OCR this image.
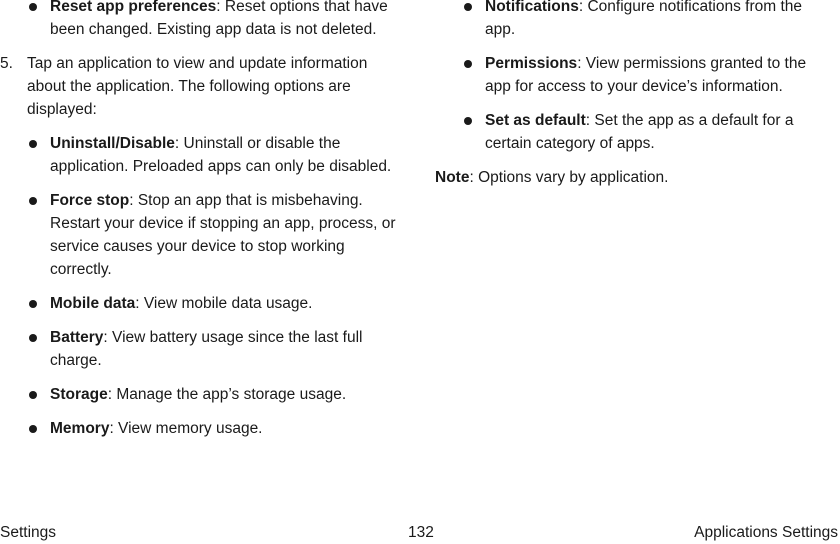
Reset app preferences: Reset options that have been changed. Existing app data is not deleted.

5. Tap an application to view and update information about the application. The following options are displayed:

Uninstall/Disable: Uninstall or disable the application. Preloaded apps can only be disabled.
Force stop: Stop an app that is misbehaving. Restart your device if stopping an app, process, or service causes your device to stop working correctly.
Mobile data: View mobile data usage.
Battery: View battery usage since the last full charge.
Storage: Manage the app’s storage usage.
Memory: View memory usage.
Notifications: Configure notifications from the app.
Permissions: View permissions granted to the app for access to your device’s information.
Set as default: Set the app as a default for a certain category of apps.

Note: Options vary by application.

Settings	132	Applications Settings
